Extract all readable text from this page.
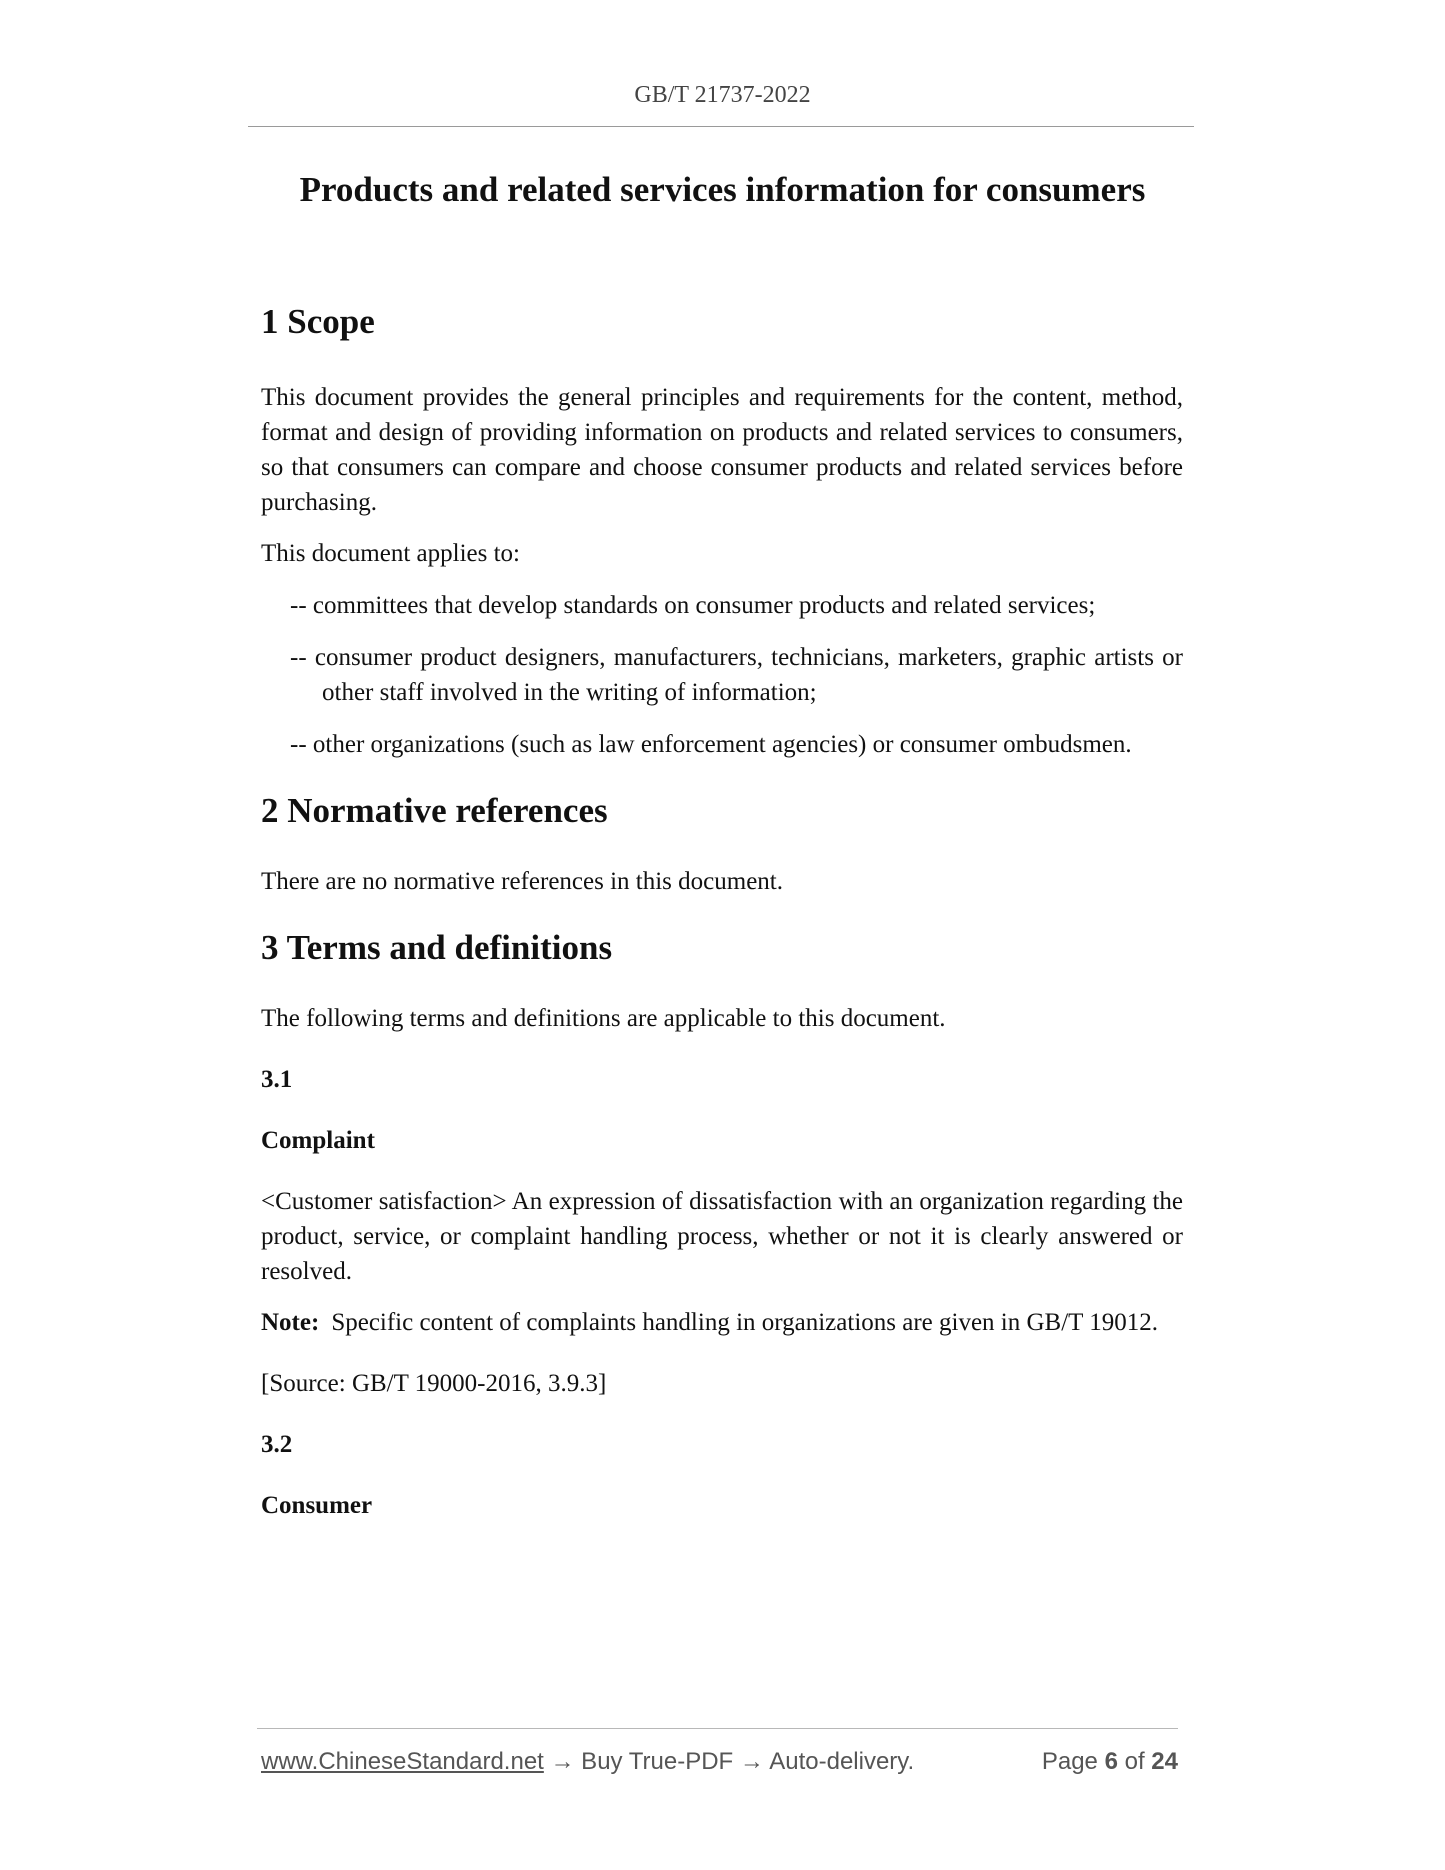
GB/T 21737-2022
Products and related services information for consumers
1 Scope

This document provides the general principles and requirements for the content, method, format and design of providing information on products and related services to consumers, so that consumers can compare and choose consumer products and related services before purchasing.

This document applies to:

-- committees that develop standards on consumer products and related services;

-- consumer product designers, manufacturers, technicians, marketers, graphic artists or other staff involved in the writing of information;

-- other organizations (such as law enforcement agencies) or consumer ombudsmen.

2 Normative references

There are no normative references in this document.

3 Terms and definitions

The following terms and definitions are applicable to this document.

3.1

Complaint

<Customer satisfaction> An expression of dissatisfaction with an organization regarding the product, service, or complaint handling process, whether or not it is clearly answered or resolved.

Note: Specific content of complaints handling in organizations are given in GB/T 19012.

[Source: GB/T 19000-2016, 3.9.3]

3.2

Consumer

www.ChineseStandard.net → Buy True-PDF → Auto-delivery.	Page 6 of 24
